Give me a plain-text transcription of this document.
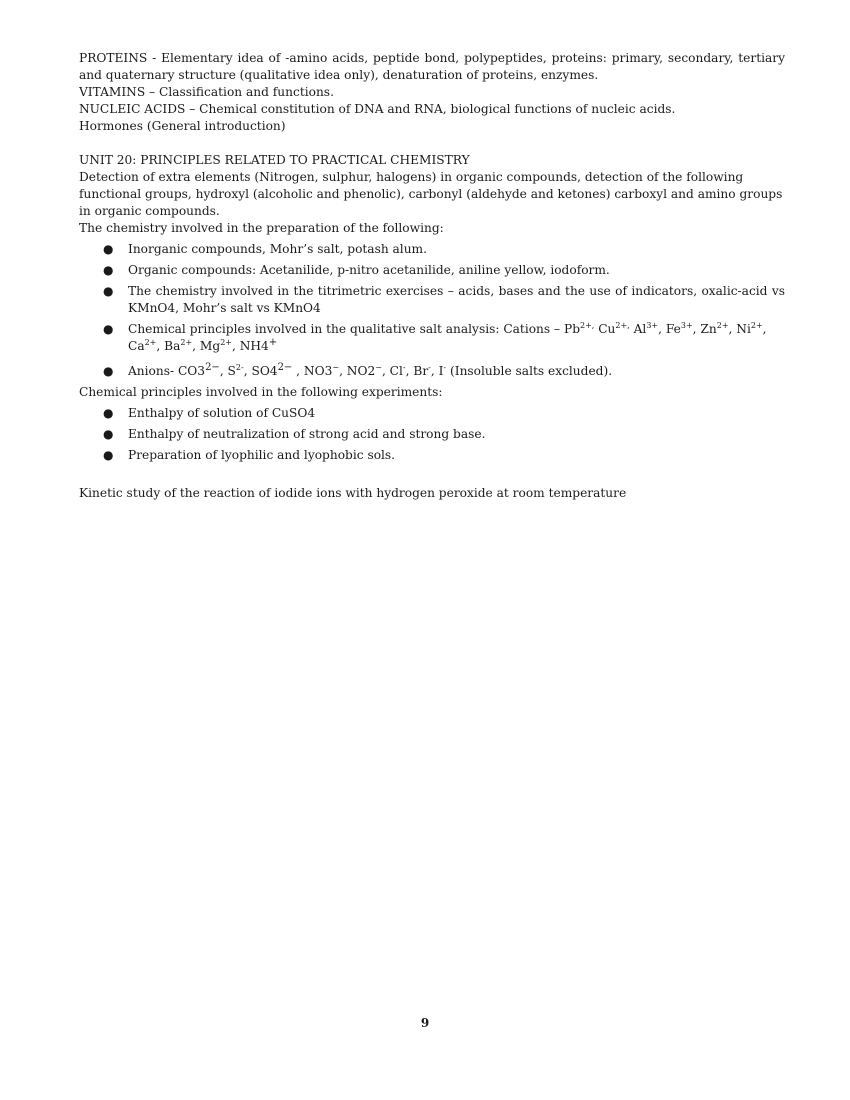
PROTEINS - Elementary idea of -amino acids, peptide bond, polypeptides, proteins: primary, secondary, tertiary and quaternary structure (qualitative idea only), denaturation of proteins, enzymes.

VITAMINS – Classification and functions.

NUCLEIC ACIDS – Chemical constitution of DNA and RNA, biological functions of nucleic acids.

Hormones (General introduction)

UNIT 20: PRINCIPLES RELATED TO PRACTICAL CHEMISTRY

Detection of extra elements (Nitrogen, sulphur, halogens) in organic compounds, detection of the following functional groups, hydroxyl (alcoholic and phenolic), carbonyl (aldehyde and ketones) carboxyl and amino groups in organic compounds.

The chemistry involved in the preparation of the following:

● Inorganic compounds, Mohr’s salt, potash alum.
● Organic compounds: Acetanilide, p-nitro acetanilide, aniline yellow, iodoform.
● The chemistry involved in the titrimetric exercises – acids, bases and the use of indicators, oxalic-acid vs KMnO4, Mohr’s salt vs KMnO4
● Chemical principles involved in the qualitative salt analysis: Cations – $Pb^{2+,}$ $Cu^{2+,}$ $Al^{3+}$, $Fe^{3+}$, $Zn^{2+}$, $Ni^{2+}$, $Ca^{2+}$, $Ba^{2+}$, $Mg^{2+}$, NH4+
● Anions- $CO3^{2-}$, $S^{2-}$, $SO4^{2-}$ , NO3−, NO2−, Cl-, Br-, I- (Insoluble salts excluded).

Chemical principles involved in the following experiments:

● Enthalpy of solution of CuSO4
● Enthalpy of neutralization of strong acid and strong base.
● Preparation of lyophilic and lyophobic sols.

Kinetic study of the reaction of iodide ions with hydrogen peroxide at room temperature

9
